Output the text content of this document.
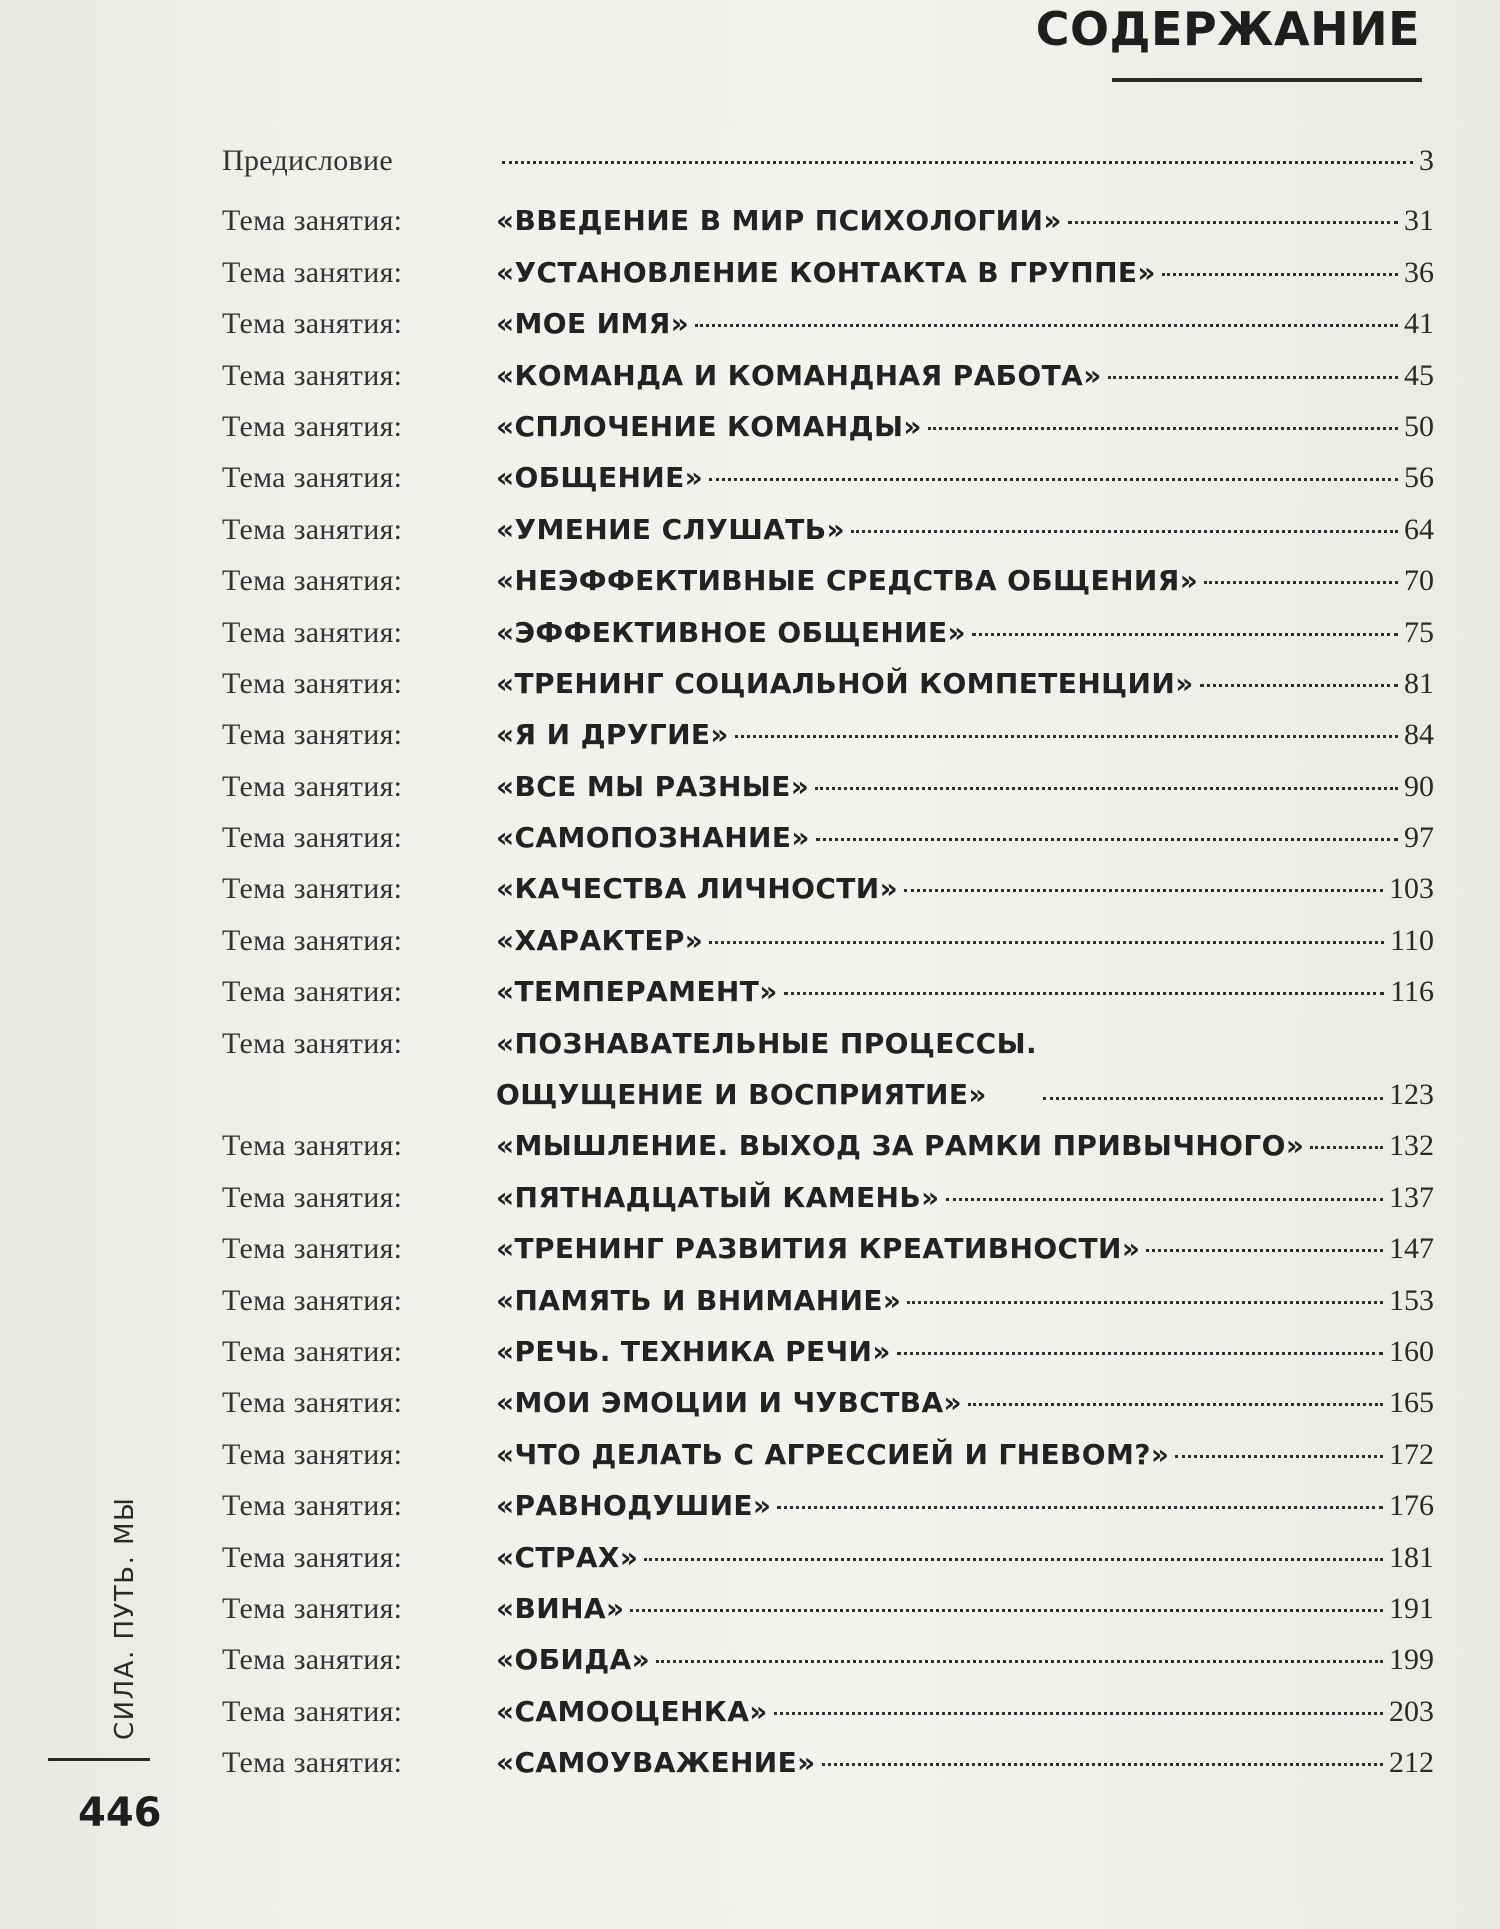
СОДЕРЖАНИЕ
Предисловие	3
Тема занятия:	«ВВЕДЕНИЕ В МИР ПСИХОЛОГИИ»	31
Тема занятия:	«УСТАНОВЛЕНИЕ КОНТАКТА В ГРУППЕ»	36
Тема занятия:	«МОЕ ИМЯ»	41
Тема занятия:	«КОМАНДА И КОМАНДНАЯ РАБОТА»	45
Тема занятия:	«СПЛОЧЕНИЕ КОМАНДЫ»	50
Тема занятия:	«ОБЩЕНИЕ»	56
Тема занятия:	«УМЕНИЕ СЛУШАТЬ»	64
Тема занятия:	«НЕЭФФЕКТИВНЫЕ СРЕДСТВА ОБЩЕНИЯ»	70
Тема занятия:	«ЭФФЕКТИВНОЕ ОБЩЕНИЕ»	75
Тема занятия:	«ТРЕНИНГ СОЦИАЛЬНОЙ КОМПЕТЕНЦИИ»	81
Тема занятия:	«Я И ДРУГИЕ»	84
Тема занятия:	«ВСЕ МЫ РАЗНЫЕ»	90
Тема занятия:	«САМОПОЗНАНИЕ»	97
Тема занятия:	«КАЧЕСТВА ЛИЧНОСТИ»	103
Тема занятия:	«ХАРАКТЕР»	110
Тема занятия:	«ТЕМПЕРАМЕНТ»	116
Тема занятия:	«ПОЗНАВАТЕЛЬНЫЕ ПРОЦЕССЫ.
ОЩУЩЕНИЕ И ВОСПРИЯТИЕ»	123
Тема занятия:	«МЫШЛЕНИЕ. ВЫХОД ЗА РАМКИ ПРИВЫЧНОГО»	132
Тема занятия:	«ПЯТНАДЦАТЫЙ КАМЕНЬ»	137
Тема занятия:	«ТРЕНИНГ РАЗВИТИЯ КРЕАТИВНОСТИ»	147
Тема занятия:	«ПАМЯТЬ И ВНИМАНИЕ»	153
Тема занятия:	«РЕЧЬ. ТЕХНИКА РЕЧИ»	160
Тема занятия:	«МОИ ЭМОЦИИ И ЧУВСТВА»	165
Тема занятия:	«ЧТО ДЕЛАТЬ С АГРЕССИЕЙ И ГНЕВОМ?»	172
Тема занятия:	«РАВНОДУШИЕ»	176
Тема занятия:	«СТРАХ»	181
Тема занятия:	«ВИНА»	191
Тема занятия:	«ОБИДА»	199
Тема занятия:	«САМООЦЕНКА»	203
Тема занятия:	«САМОУВАЖЕНИЕ»	212
СИЛА. ПУТЬ. МЫ
446
